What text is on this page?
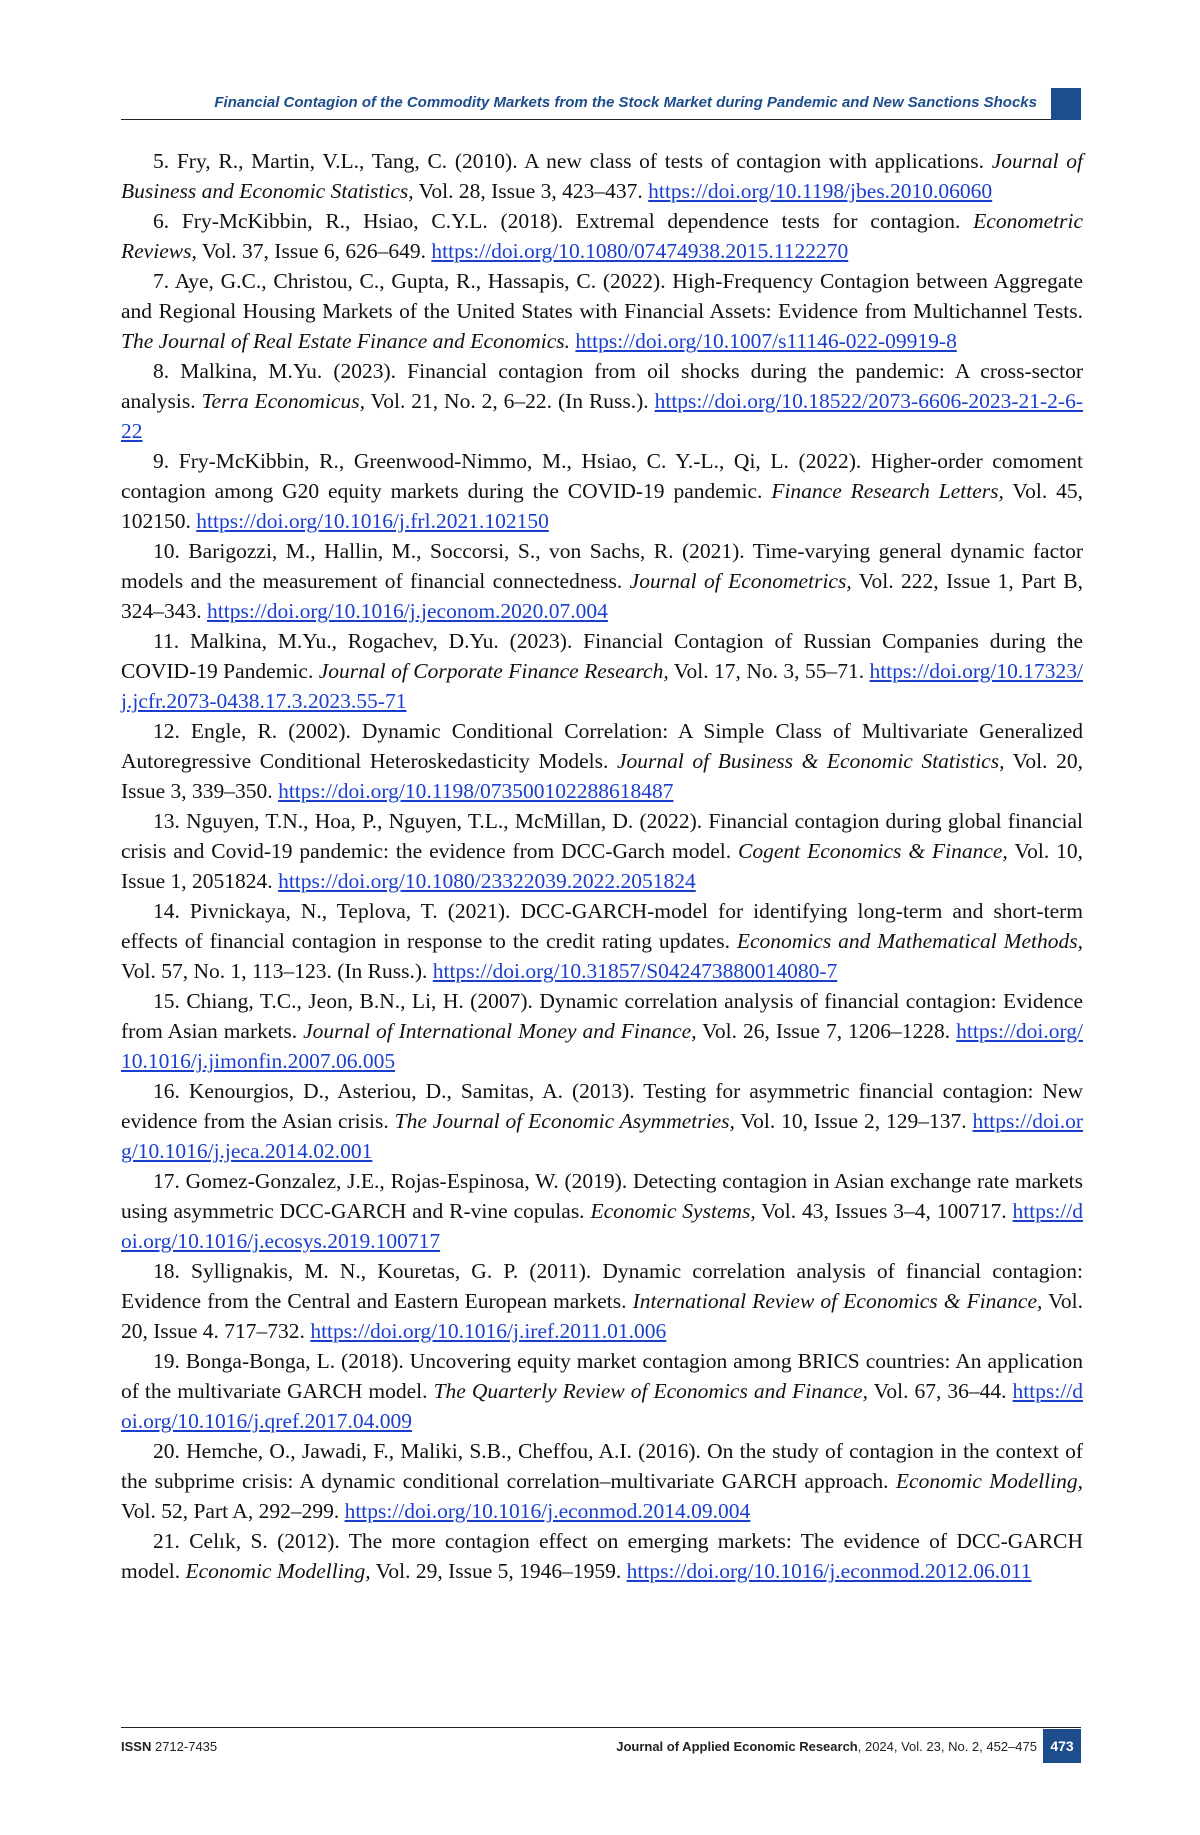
Financial Contagion of the Commodity Markets from the Stock Market during Pandemic and New Sanctions Shocks

5. Fry, R., Martin, V.L., Tang, C. (2010). A new class of tests of contagion with applications. Journal of Business and Economic Statistics, Vol. 28, Issue 3, 423–437. https://doi.org/10.1198/jbes.2010.06060

6. Fry-McKibbin, R., Hsiao, C.Y.L. (2018). Extremal dependence tests for contagion. Econometric Reviews, Vol. 37, Issue 6, 626–649. https://doi.org/10.1080/07474938.2015.1122270

7. Aye, G.C., Christou, C., Gupta, R., Hassapis, C. (2022). High-Frequency Contagion between Aggregate and Regional Housing Markets of the United States with Financial Assets: Evidence from Multichannel Tests. The Journal of Real Estate Finance and Economics. https://doi.org/10.1007/s11146-022-09919-8

8. Malkina, M.Yu. (2023). Financial contagion from oil shocks during the pandemic: A cross-sector analysis. Terra Economicus, Vol. 21, No. 2, 6–22. (In Russ.). https://doi.org/10.18522/2073-6606-2023-21-2-6-22

9. Fry-McKibbin, R., Greenwood-Nimmo, M., Hsiao, C. Y.-L., Qi, L. (2022). Higher-order comoment contagion among G20 equity markets during the COVID-19 pandemic. Finance Research Letters, Vol. 45, 102150. https://doi.org/10.1016/j.frl.2021.102150

10. Barigozzi, M., Hallin, M., Soccorsi, S., von Sachs, R. (2021). Time-varying general dynamic factor models and the measurement of financial connectedness. Journal of Econometrics, Vol. 222, Issue 1, Part B, 324–343. https://doi.org/10.1016/j.jeconom.2020.07.004

11. Malkina, M.Yu., Rogachev, D.Yu. (2023). Financial Contagion of Russian Companies during the COVID-19 Pandemic. Journal of Corporate Finance Research, Vol. 17, No. 3, 55–71. https://doi.org/10.17323/j.jcfr.2073-0438.17.3.2023.55-71

12. Engle, R. (2002). Dynamic Conditional Correlation: A Simple Class of Multivariate Generalized Autoregressive Conditional Heteroskedasticity Models. Journal of Business & Economic Statistics, Vol. 20, Issue 3, 339–350. https://doi.org/10.1198/073500102288618487

13. Nguyen, T.N., Hoa, P., Nguyen, T.L., McMillan, D. (2022). Financial contagion during global financial crisis and Covid-19 pandemic: the evidence from DCC-Garch model. Cogent Economics & Finance, Vol. 10, Issue 1, 2051824. https://doi.org/10.1080/23322039.2022.2051824

14. Pivnickaya, N., Teplova, T. (2021). DCC-GARCH-model for identifying long-term and short-term effects of financial contagion in response to the credit rating updates. Economics and Mathematical Methods, Vol. 57, No. 1, 113–123. (In Russ.). https://doi.org/10.31857/S042473880014080-7

15. Chiang, T.C., Jeon, B.N., Li, H. (2007). Dynamic correlation analysis of financial contagion: Evidence from Asian markets. Journal of International Money and Finance, Vol. 26, Issue 7, 1206–1228. https://doi.org/10.1016/j.jimonfin.2007.06.005

16. Kenourgios, D., Asteriou, D., Samitas, A. (2013). Testing for asymmetric financial contagion: New evidence from the Asian crisis. The Journal of Economic Asymmetries, Vol. 10, Issue 2, 129–137. https://doi.org/10.1016/j.jeca.2014.02.001

17. Gomez-Gonzalez, J.E., Rojas-Espinosa, W. (2019). Detecting contagion in Asian exchange rate markets using asymmetric DCC-GARCH and R-vine copulas. Economic Systems, Vol. 43, Issues 3–4, 100717. https://doi.org/10.1016/j.ecosys.2019.100717

18. Syllignakis, M. N., Kouretas, G. P. (2011). Dynamic correlation analysis of financial contagion: Evidence from the Central and Eastern European markets. International Review of Economics & Finance, Vol. 20, Issue 4. 717–732. https://doi.org/10.1016/j.iref.2011.01.006

19. Bonga-Bonga, L. (2018). Uncovering equity market contagion among BRICS countries: An application of the multivariate GARCH model. The Quarterly Review of Economics and Finance, Vol. 67, 36–44. https://doi.org/10.1016/j.qref.2017.04.009

20. Hemche, O., Jawadi, F., Maliki, S.B., Cheffou, A.I. (2016). On the study of contagion in the context of the subprime crisis: A dynamic conditional correlation–multivariate GARCH approach. Economic Modelling, Vol. 52, Part A, 292–299. https://doi.org/10.1016/j.econmod.2014.09.004

21. Celık, S. (2012). The more contagion effect on emerging markets: The evidence of DCC-GARCH model. Economic Modelling, Vol. 29, Issue 5, 1946–1959. https://doi.org/10.1016/j.econmod.2012.06.011

ISSN 2712-7435	Journal of Applied Economic Research, 2024, Vol. 23, No. 2, 452–475 473
